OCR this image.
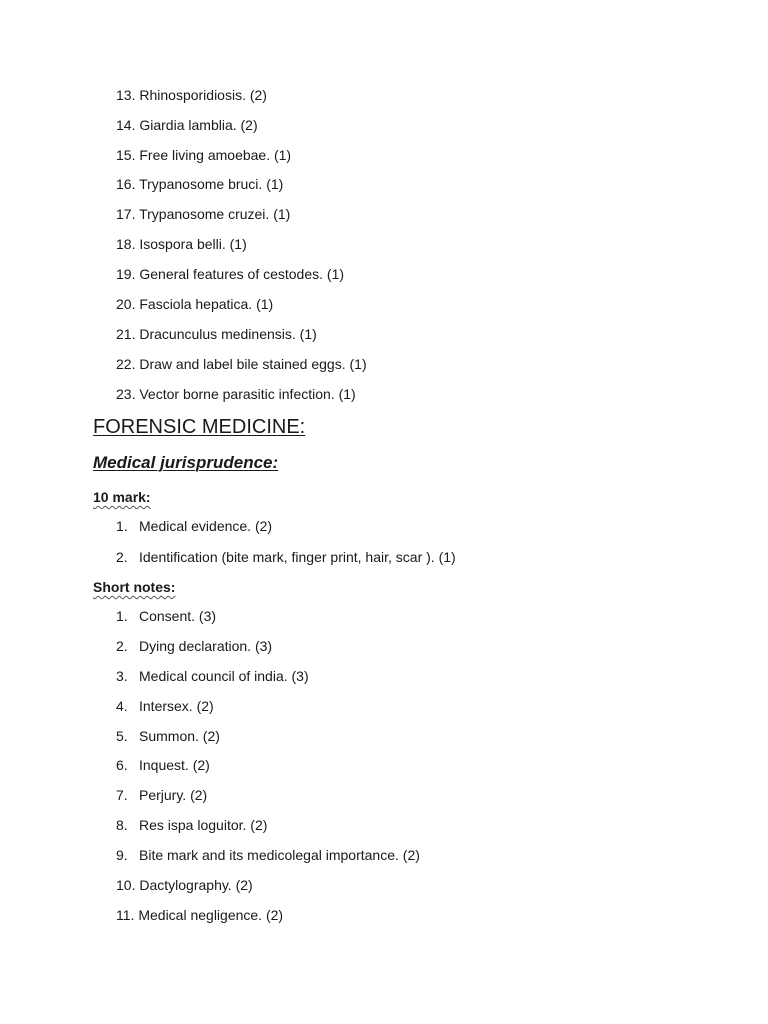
13. Rhinosporidiosis. (2)
14. Giardia lamblia. (2)
15. Free living amoebae. (1)
16. Trypanosome bruci. (1)
17. Trypanosome cruzei. (1)
18. Isospora belli. (1)
19. General features of cestodes. (1)
20. Fasciola hepatica. (1)
21. Dracunculus medinensis. (1)
22. Draw and label bile stained eggs. (1)
23. Vector borne parasitic infection. (1)
FORENSIC MEDICINE:
Medical jurisprudence:
10 mark:
1. Medical evidence. (2)
2. Identification (bite mark, finger print, hair, scar ). (1)
Short notes:
1. Consent. (3)
2. Dying declaration. (3)
3. Medical council of india. (3)
4. Intersex. (2)
5. Summon. (2)
6. Inquest. (2)
7. Perjury. (2)
8. Res ispa loguitor. (2)
9. Bite mark and its medicolegal importance. (2)
10. Dactylography. (2)
11. Medical negligence. (2)
